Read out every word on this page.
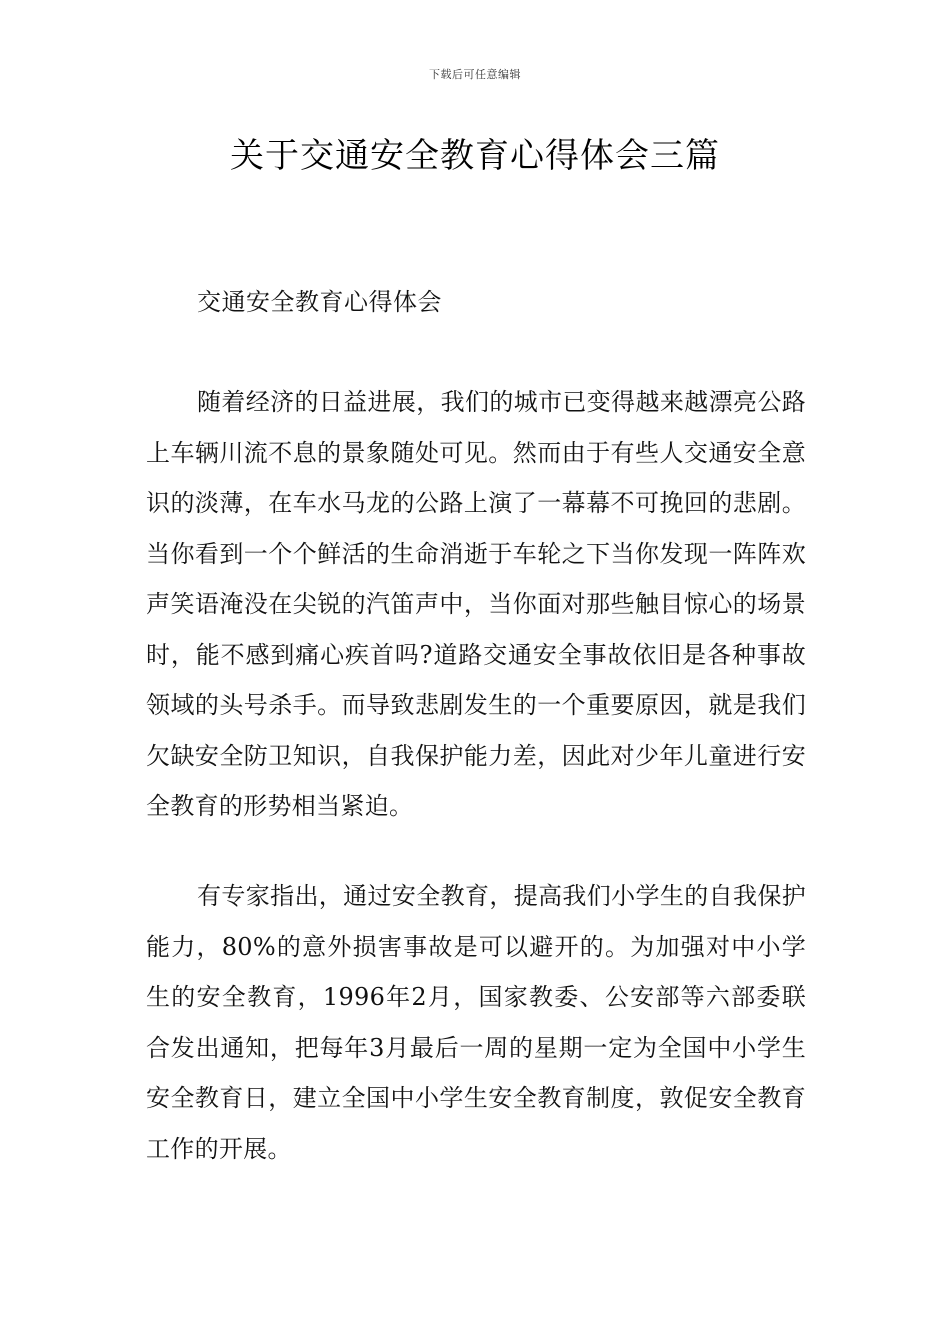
下载后可任意编辑
关于交通安全教育心得体会三篇
交通安全教育心得体会

随着经济的日益进展，我们的城市已变得越来越漂亮公路上车辆川流不息的景象随处可见。然而由于有些人交通安全意识的淡薄，在车水马龙的公路上演了一幕幕不可挽回的悲剧。当你看到一个个鲜活的生命消逝于车轮之下当你发现一阵阵欢声笑语淹没在尖锐的汽笛声中，当你面对那些触目惊心的场景时，能不感到痛心疾首吗?道路交通安全事故依旧是各种事故领域的头号杀手。而导致悲剧发生的一个重要原因，就是我们欠缺安全防卫知识，自我保护能力差，因此对少年儿童进行安全教育的形势相当紧迫。

有专家指出，通过安全教育，提高我们小学生的自我保护能力，80%的意外损害事故是可以避开的。为加强对中小学生的安全教育，1996年2月，国家教委、公安部等六部委联合发出通知，把每年3月最后一周的星期一定为全国中小学生安全教育日，建立全国中小学生安全教育制度，敦促安全教育工作的开展。
